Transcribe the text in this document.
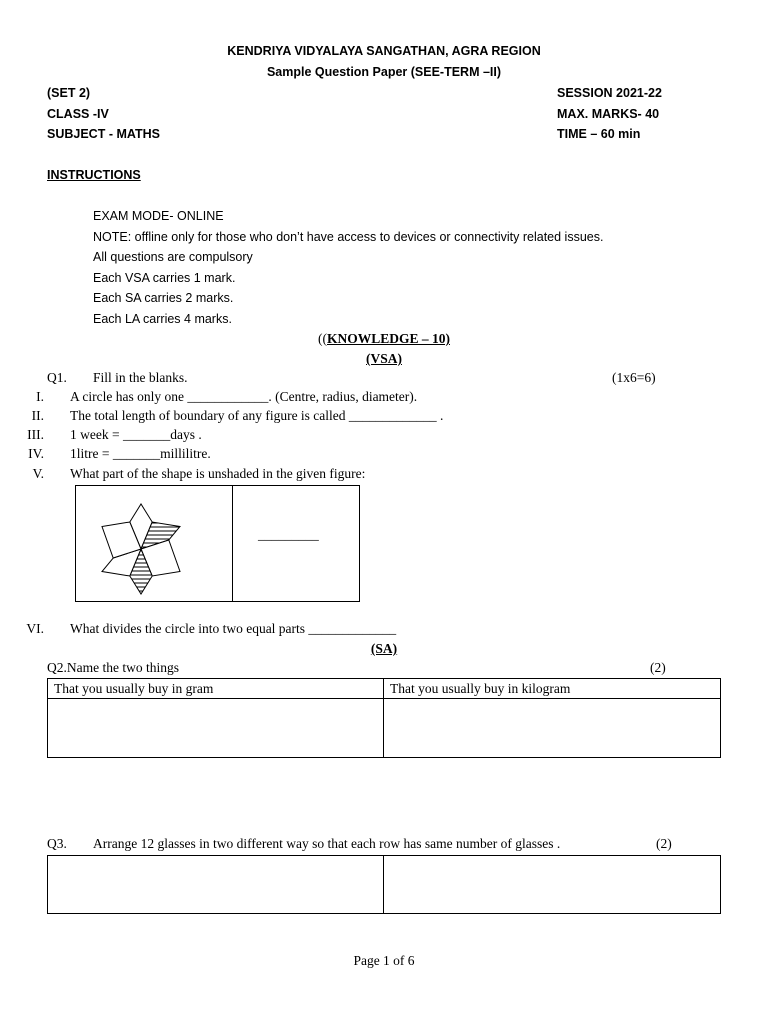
KENDRIYA VIDYALAYA SANGATHAN, AGRA REGION
Sample Question Paper (SEE-TERM –II)
(SET 2)	SESSION 2021-22
CLASS -IV	MAX. MARKS- 40
SUBJECT - MATHS	TIME – 60 min
INSTRUCTIONS
EXAM MODE- ONLINE
NOTE: offline only for those who don’t have access to devices or connectivity related issues.
All questions are compulsory
Each VSA carries 1 mark.
Each SA carries 2 marks.
Each LA carries 4 marks.
((KNOWLEDGE – 10)
(VSA)
Q1. Fill in the blanks.	(1x6=6)
I. A circle has only one ____________. (Centre, radius, diameter).
II. The total length of boundary of any figure is called _____________ .
III. 1 week = _______days .
IV. 1litre = _______millilitre.
V. What part of the shape is unshaded in the given figure:
_________
VI. What divides the circle into two equal parts _____________
(SA)
Q2.Name the two things	(2)
That you usually buy in gram	That you usually buy in kilogram
Q3. Arrange 12 glasses in two different way so that each row has same number of glasses .	(2)
Page 1 of 6
